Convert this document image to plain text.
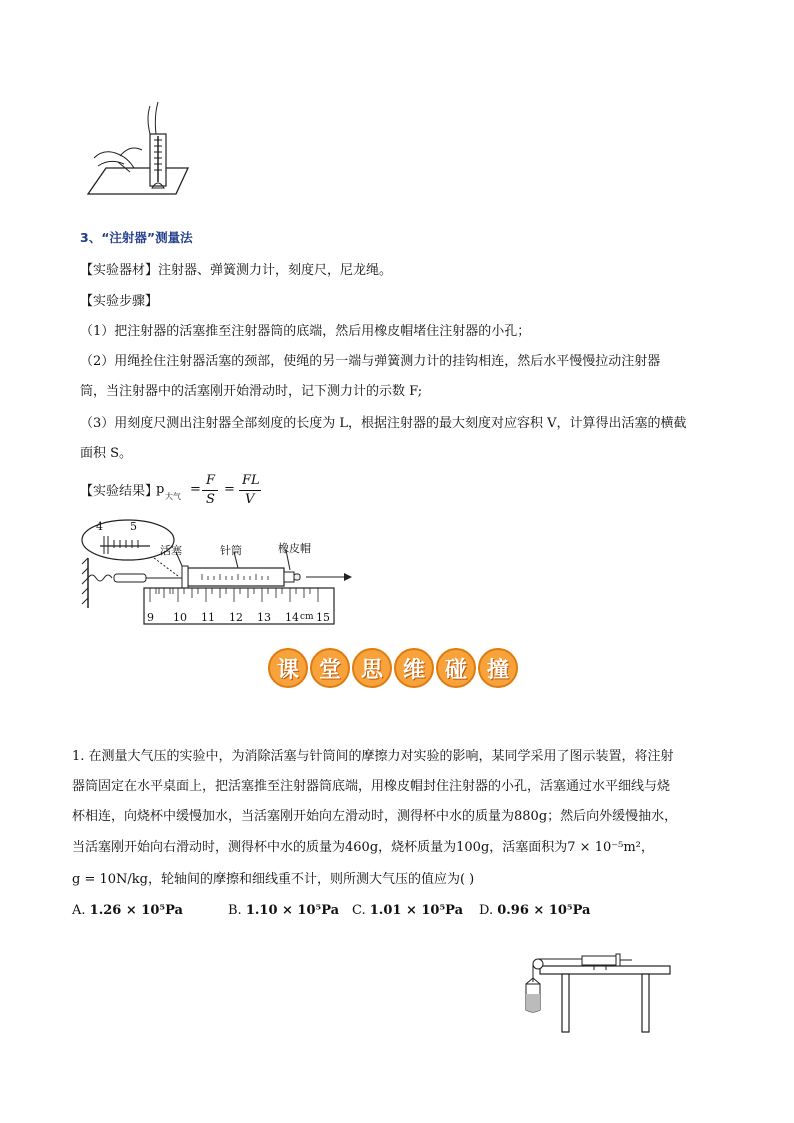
3、“注射器”测量法
【实验器材】注射器、弹簧测力计，刻度尺，尼龙绳。
【实验步骤】
（1）把注射器的活塞推至注射器筒的底端，然后用橡皮帽堵住注射器的小孔；
（2）用绳拴住注射器活塞的颈部，使绳的另一端与弹簧测力计的挂钩相连，然后水平慢慢拉动注射器
筒，当注射器中的活塞刚开始滑动时，记下测力计的示数 F;
（3）用刻度尺测出注射器全部刻度的长度为 L，根据注射器的最大刻度对应容积 V，计算得出活塞的横截
面积 S。
【实验结果】
p 大气 =
F
S
=
FL
V
4 5
活塞	针筒	橡皮帽
9 10 11 12 13 14 cm 15
课 堂 思 维 碰 撞
1. 在测量大气压的实验中，为消除活塞与针筒间的摩擦力对实验的影响，某同学采用了图示装置，将注射
器筒固定在水平桌面上，把活塞推至注射器筒底端，用橡皮帽封住注射器的小孔，活塞通过水平细线与烧
杯相连，向烧杯中缓慢加水，当活塞刚开始向左滑动时，测得杯中水的质量为880g；然后向外缓慢抽水，
当活塞刚开始向右滑动时，测得杯中水的质量为460g，烧杯质量为100g，活塞面积为7 × 10⁻⁵m²，
g = 10N/kg，轮轴间的摩擦和细线重不计，则所测大气压的值应为( )
A. 1.26 × 10⁵Pa	B. 1.10 × 10⁵Pa C. 1.01 × 10⁵Pa D. 0.96 × 10⁵Pa
